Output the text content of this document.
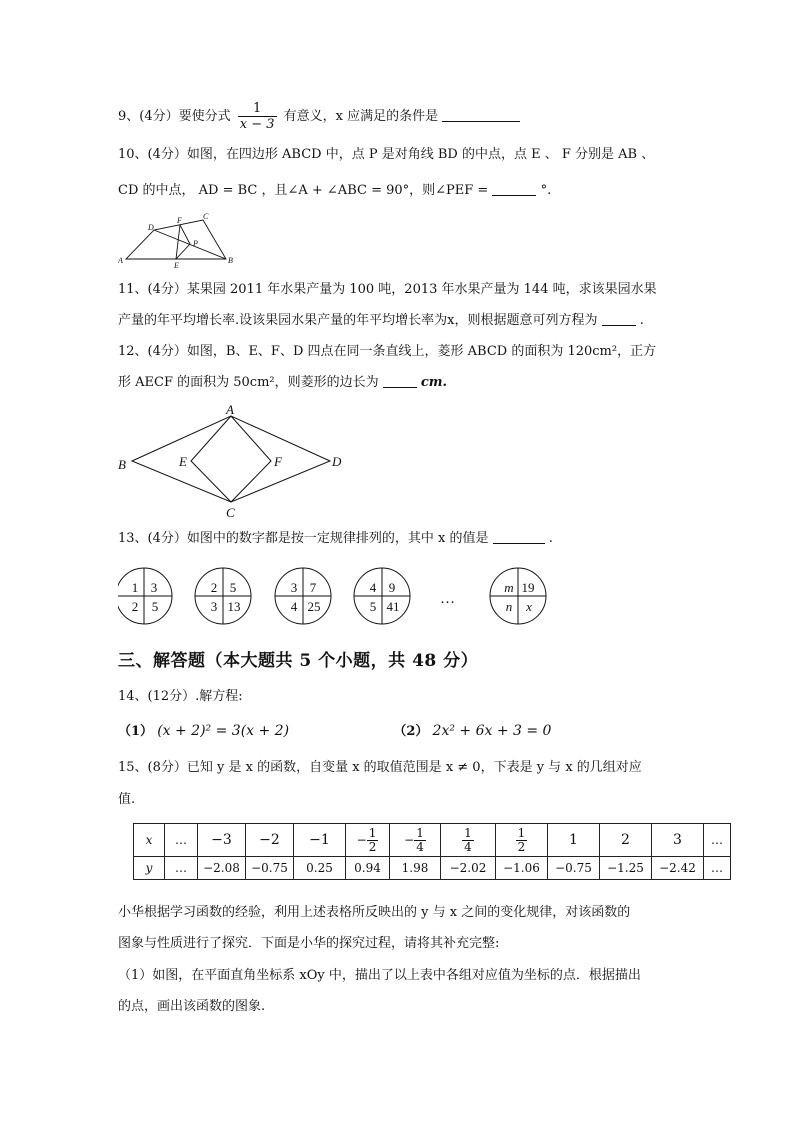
9、(4分）要使分式 $\frac{1}{x - 3}$ 有意义，x 应满足的条件是
10、(4分）如图，在四边形 ABCD 中，点 P 是对角线 BD 的中点，点 E 、 F 分别是 AB 、
CD 的中点， AD = BC ，且∠A + ∠ABC = 90°，则∠PEF =	°.
A	B
C
D
E
F
P
11、(4分）某果园 2011 年水果产量为 100 吨，2013 年水果产量为 144 吨，求该果园水果
产量的年平均增长率.设该果园水果产量的年平均增长率为x，则根据题意可列方程为	.
12、(4分）如图，B、E、F、D 四点在同一条直线上，菱形 ABCD 的面积为 120cm²，正方
形 AECF 的面积为 50cm²，则菱形的边长为	cm.
A
B
C
D
E	F
13、(4分）如图中的数字都是按一定规律排列的，其中 x 的值是	.
1 3
2 5
2 5
3 13
3 7
4 25
4 9
5 41
m 19
n x
…
三、解答题（本大题共 5 个小题，共 48 分）
14、(12分）.解方程:
（1） (x + 2)² = 3(x + 2)	（2） 2x² + 6x + 3 = 0
15、(8分）已知 y 是 x 的函数，自变量 x 的取值范围是 x ≠ 0，下表是 y 与 x 的几组对应
值.
x	…	−3	−2	−1	− $\frac{1}{2}$	− $\frac{1}{4}$	$\frac{1}{4}$	$\frac{1}{2}$	1	2	3	…
y	…	−2.08	−0.75	0.25	0.94	1.98	−2.02	−1.06	−0.75	−1.25	−2.42	…
小华根据学习函数的经验，利用上述表格所反映出的 y 与 x 之间的变化规律，对该函数的
图象与性质进行了探究．下面是小华的探究过程，请将其补充完整:
（1）如图，在平面直角坐标系 xOy 中，描出了以上表中各组对应值为坐标的点．根据描出
的点，画出该函数的图象.
